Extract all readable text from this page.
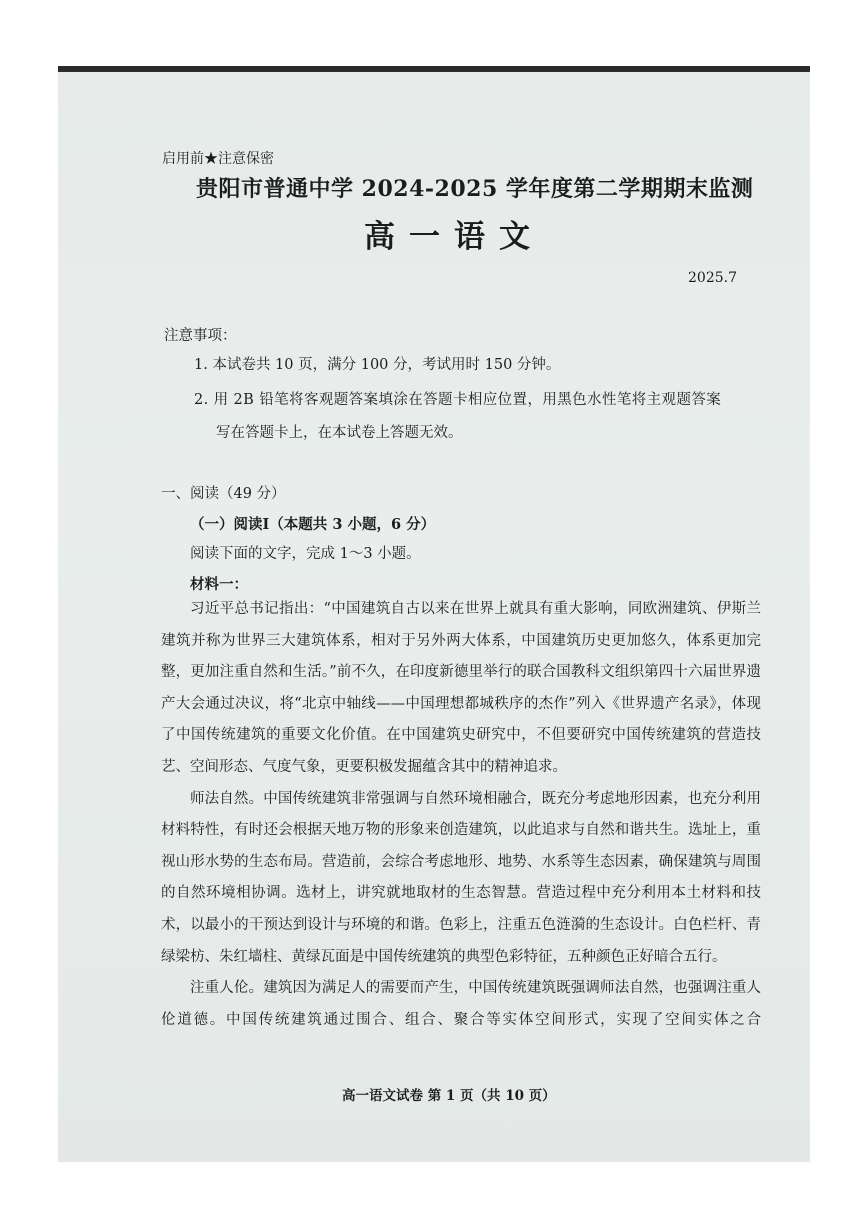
启用前★注意保密
贵阳市普通中学 2024-2025 学年度第二学期期末监测
高一语文
2025.7
注意事项：
1. 本试卷共 10 页，满分 100 分，考试用时 150 分钟。
2. 用 2B 铅笔将客观题答案填涂在答题卡相应位置，用黑色水性笔将主观题答案
写在答题卡上，在本试卷上答题无效。
一、阅读（49 分）
（一）阅读Ⅰ（本题共 3 小题，6 分）
阅读下面的文字，完成 1～3 小题。
材料一：

习近平总书记指出：“中国建筑自古以来在世界上就具有重大影响，同欧洲建筑、伊斯兰建筑并称为世界三大建筑体系，相对于另外两大体系，中国建筑历史更加悠久，体系更加完整，更加注重自然和生活。”前不久，在印度新德里举行的联合国教科文组织第四十六届世界遗产大会通过决议，将“北京中轴线——中国理想都城秩序的杰作”列入《世界遗产名录》，体现了中国传统建筑的重要文化价值。在中国建筑史研究中，不但要研究中国传统建筑的营造技艺、空间形态、气度气象，更要积极发掘蕴含其中的精神追求。

师法自然。中国传统建筑非常强调与自然环境相融合，既充分考虑地形因素，也充分利用材料特性，有时还会根据天地万物的形象来创造建筑，以此追求与自然和谐共生。选址上，重视山形水势的生态布局。营造前，会综合考虑地形、地势、水系等生态因素，确保建筑与周围的自然环境相协调。选材上，讲究就地取材的生态智慧。营造过程中充分利用本土材料和技术，以最小的干预达到设计与环境的和谐。色彩上，注重五色涟漪的生态设计。白色栏杆、青绿梁枋、朱红墙柱、黄绿瓦面是中国传统建筑的典型色彩特征，五种颜色正好暗合五行。

注重人伦。建筑因为满足人的需要而产生，中国传统建筑既强调师法自然，也强调注重人伦道德。中国传统建筑通过围合、组合、聚合等实体空间形式，实现了空间实体之合

高一语文试卷 第 1 页（共 10 页）
